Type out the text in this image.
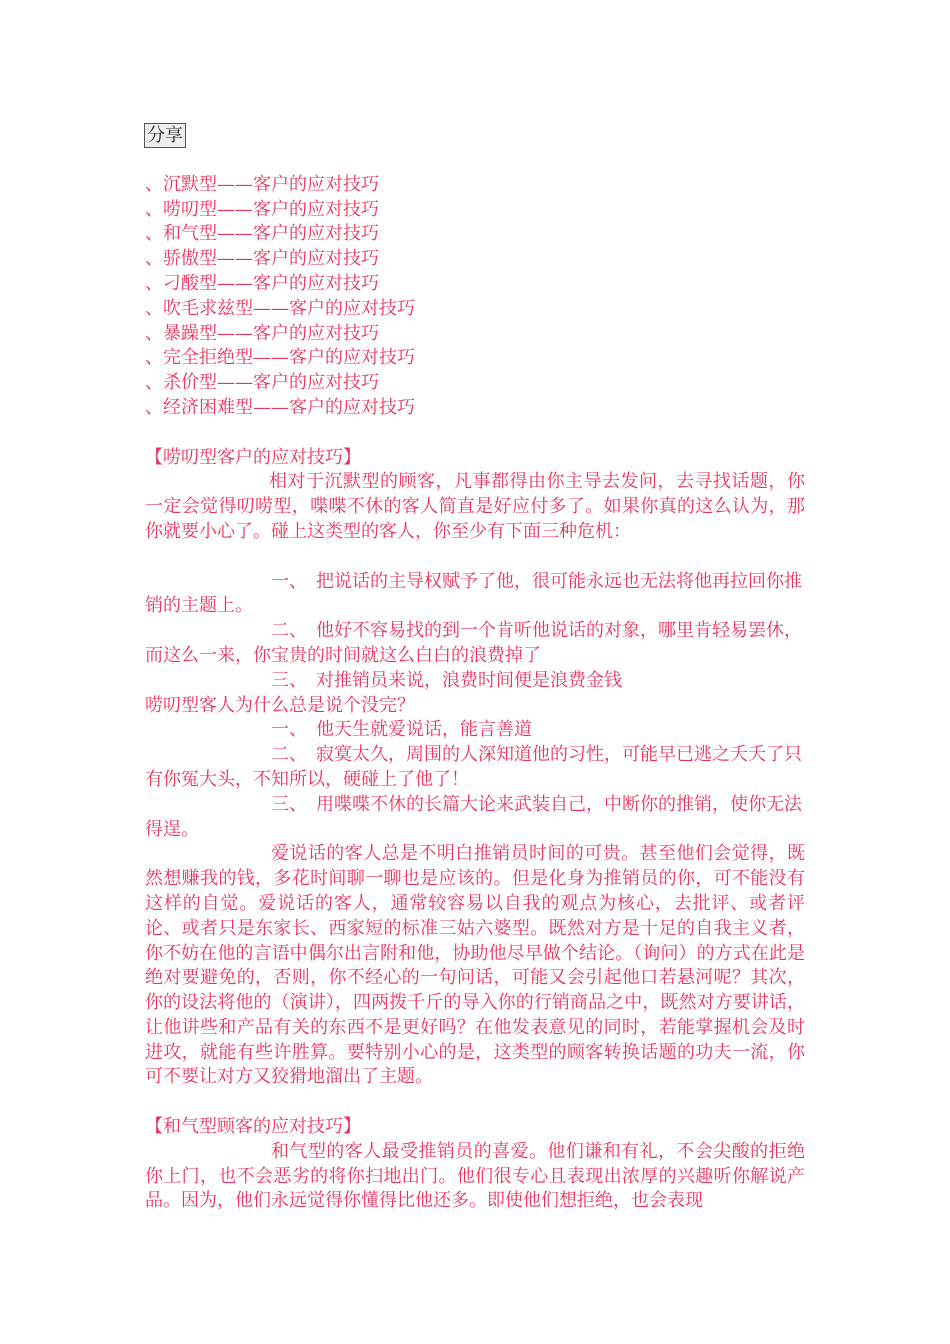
分享
、沉默型——客户的应对技巧
、唠叨型——客户的应对技巧
、和气型——客户的应对技巧
、骄傲型——客户的应对技巧
、刁酸型——客户的应对技巧
、吹毛求兹型——客户的应对技巧
、暴躁型——客户的应对技巧
、完全拒绝型——客户的应对技巧
、杀价型——客户的应对技巧
、经济困难型——客户的应对技巧

【唠叨型客户的应对技巧】

相对于沉默型的顾客，凡事都得由你主导去发问，去寻找话题，你一定会觉得叨唠型，喋喋不休的客人简直是好应付多了。如果你真的这么认为，那你就要小心了。碰上这类型的客人，你至少有下面三种危机：

一、　把说话的主导权赋予了他，很可能永远也无法将他再拉回你推销的主题上。

二、　他好不容易找的到一个肯听他说话的对象，哪里肯轻易罢休，而这么一来，你宝贵的时间就这么白白的浪费掉了

三、　对推销员来说，浪费时间便是浪费金钱

唠叨型客人为什么总是说个没完？

一、　他天生就爱说话，能言善道

二、　寂寞太久，周围的人深知道他的习性，可能早已逃之夭夭了只有你冤大头，不知所以，硬碰上了他了！

三、　用喋喋不休的长篇大论来武装自己，中断你的推销，使你无法得逞。

爱说话的客人总是不明白推销员时间的可贵。甚至他们会觉得，既然想赚我的钱，多花时间聊一聊也是应该的。但是化身为推销员的你，可不能没有这样的自觉。爱说话的客人，通常较容易以自我的观点为核心，去批评、或者评论、或者只是东家长、西家短的标准三姑六婆型。既然对方是十足的自我主义者，你不妨在他的言语中偶尔出言附和他，协助他尽早做个结论。（询问）的方式在此是绝对要避免的，否则，你不经心的一句问话，可能又会引起他口若悬河呢？其次，你的设法将他的（演讲），四两拨千斤的导入你的行销商品之中，既然对方要讲话，让他讲些和产品有关的东西不是更好吗？在他发表意见的同时，若能掌握机会及时进攻，就能有些许胜算。要特别小心的是，这类型的顾客转换话题的功夫一流，你可不要让对方又狡猾地溜出了主题。

【和气型顾客的应对技巧】

和气型的客人最受推销员的喜爱。他们谦和有礼，不会尖酸的拒绝你上门，也不会恶劣的将你扫地出门。他们很专心且表现出浓厚的兴趣听你解说产品。因为，他们永远觉得你懂得比他还多。即使他们想拒绝，也会表现
